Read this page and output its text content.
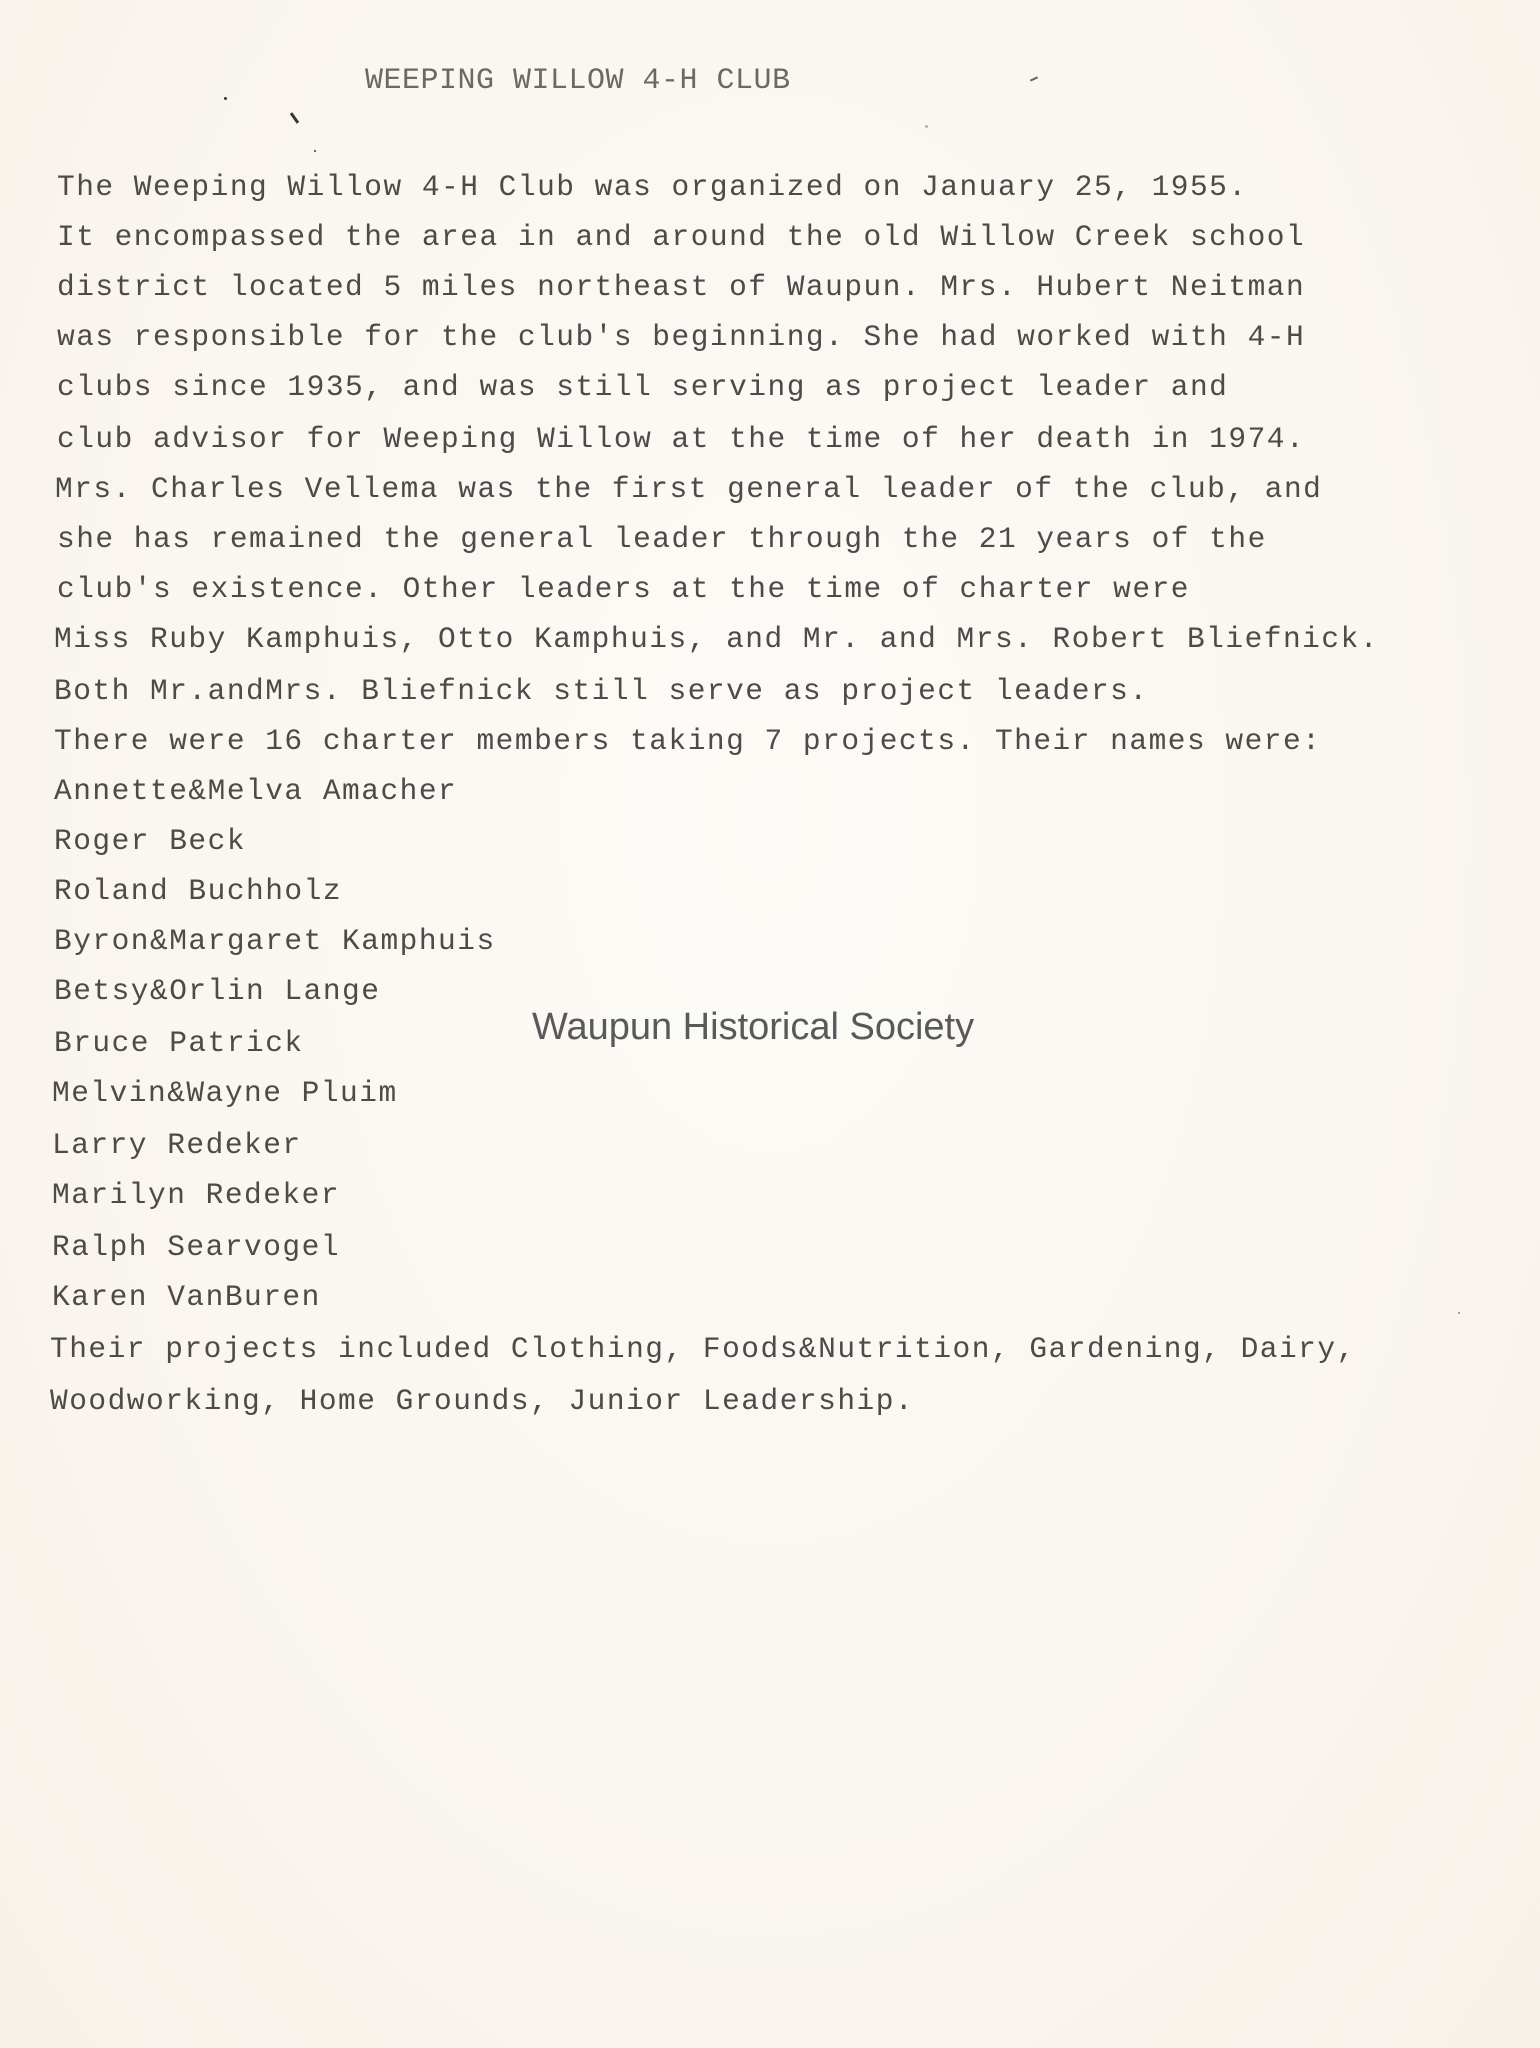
WEEPING WILLOW 4-H CLUB
The Weeping Willow 4-H Club was organized on January 25, 1955.
It encompassed the area in and around the old Willow Creek school
district located 5 miles northeast of Waupun. Mrs. Hubert Neitman
was responsible for the club's beginning. She had worked with 4-H
clubs since 1935, and was still serving as project leader and
club advisor for Weeping Willow at the time of her death in 1974.
Mrs. Charles Vellema was the first general leader of the club, and
she has remained the general leader through the 21 years of the
club's existence. Other leaders at the time of charter were
Miss Ruby Kamphuis, Otto Kamphuis, and Mr. and Mrs. Robert Bliefnick.
Both Mr.andMrs. Bliefnick still serve as project leaders.
There were 16 charter members taking 7 projects. Their names were:
Annette&Melva Amacher
Roger Beck
Roland Buchholz
Byron&Margaret Kamphuis
Betsy&Orlin Lange
Bruce Patrick
Melvin&Wayne Pluim
Larry Redeker
Marilyn Redeker
Ralph Searvogel
Karen VanBuren
Their projects included Clothing, Foods&Nutrition, Gardening, Dairy,
Woodworking, Home Grounds, Junior Leadership.
Waupun Historical Society
